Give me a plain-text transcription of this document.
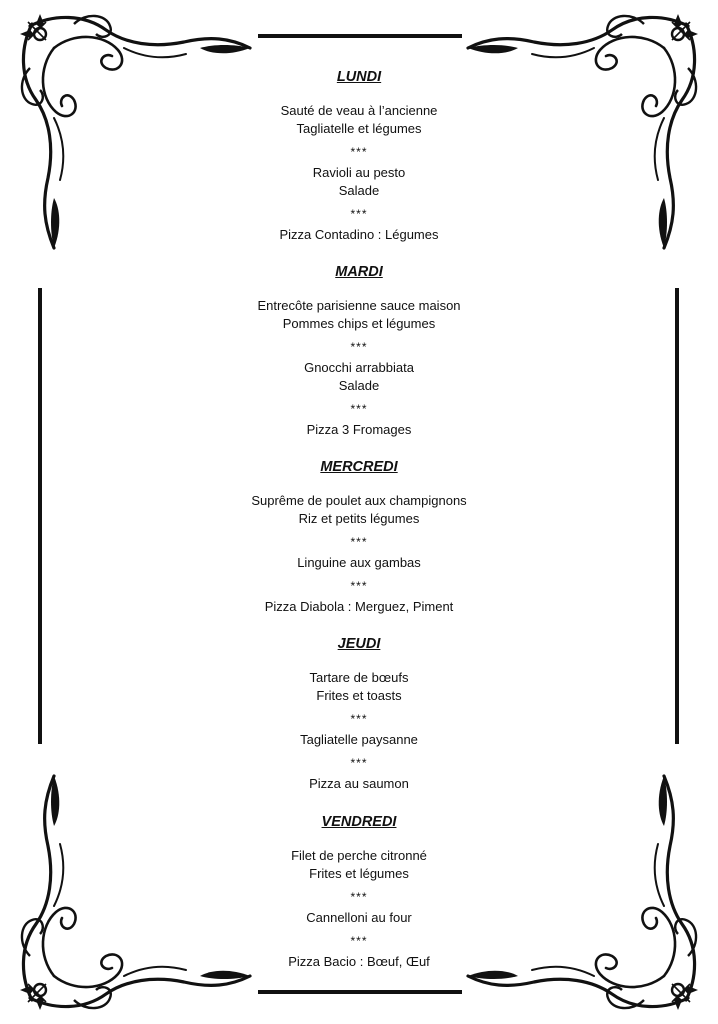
LUNDI
Sauté de veau à l’ancienne
Tagliatelle et légumes
***
Ravioli au pesto
Salade
***
Pizza Contadino : Légumes
MARDI
Entrecôte parisienne sauce maison
Pommes chips et légumes
***
Gnocchi arrabbiata
Salade
***
Pizza 3 Fromages
MERCREDI
Suprême de poulet aux champignons
Riz et petits légumes
***
Linguine aux gambas
***
Pizza Diabola : Merguez, Piment
JEUDI
Tartare de bœufs
Frites et toasts
***
Tagliatelle paysanne
***
Pizza au saumon
VENDREDI
Filet de perche citronné
Frites et légumes
***
Cannelloni au four
***
Pizza Bacio : Bœuf, Œuf
